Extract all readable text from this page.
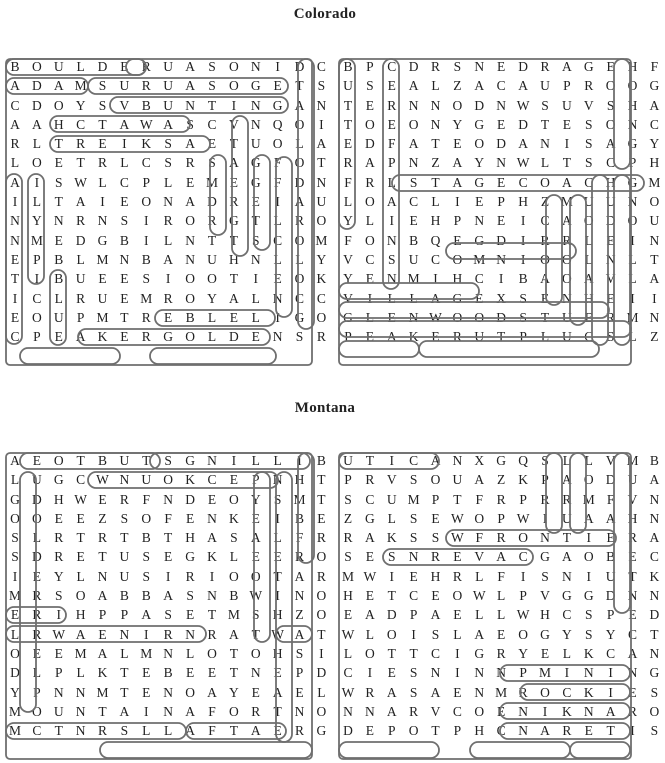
Colorado
B O U L D E R U A S O N	I	D C
A D A M S U R U A S O G E	T	S
C D O Y S V B U N T	I	N G A N
A A H C T A W A S	C V N Q O	I
R L	T R E	I	K S A E	T U O L A
L O E	T R L C	S	R	S A G F O T
A	I	S W L C	P	L	E M E G F D N
I	L	T A	I	E O N A D R E	I	A U
N Y N R N S	I	R O R G T	L R O
N M E D G B	I	L N T	T	S	C O M
E	P	B L M N B A N U H N L	L Y
T	I	B U E	E	S	I	O O T	I	E O K
I	C L R U E M R O Y A L N C C
E O U P M T R E B L	E	L	I	G O
C	P	E A K E R G O L D E N S	R
B	P	C D R	S N E D R A G E H F
U S	E A L	Z A C A U P	R O O G
T	E R N N O D N W S U V S H A
T O E O N Y G E D T	E	S O N C
E D F A T	E O D A N	I	S A G Y
R A P N Z A Y N W L	T	S	C	P H
F	R L	S	T A G E C O A C H G M
L O A C L	I	E	P H Z M U U N O
Y L	I	E H P N E	I	C A O D O U
F O N B Q E G D	I	R R L	E	I	N
V C	S U C O M N	I	O O L N L	T
Y E N M	I	H C	I	B A O A V L A
V	I	L	L A G E X S	E N H E	I	I
G L	E N W O O D S	T U E R M N
P	E A K E R U T	P	L U C	S	L	Z
Montana
A E O T B U T	S G N	I	L	L	I	B
L U G C W N U O K C E	P N H T
G D H W E R	F N D E O Y S M T
O O E	E	Z	S O F	E N K E	I	B E
S	L R T R T B T H A S A L	F	R
S D R E	T U S	E G K L	E	E R O
I	E Y L N U S	I	R	I	O O T A R
M R	S O A B B A S N B W I	N O
E R	I	H P	P A S	E	T M S H Z O
L R W A E N	I	R N R A T W A T
O E	E M A L M N L O T O H S	I
D L	P	L K T	E B E	E	T N E	P D
Y P N N M T	E N O A Y E A E	L
M O U N T A	I	N A F O R T N O
M C T N R	S	L	L A F	T A E R G
U T	I	C A N X G Q S	L	L V M B
P	R V S O U A Z K P A O D U A
S	C U M P	T	F	R	P	R R M F V N
Z G L	S	E W O P W I	U A A H N
R A K S	S W F	R O N T	I	E R A
S	E	S N R E V A C G A O B E C
M W I	E H R L	F	I	S N	I	U T K
H E	T C E O W L	P V G G D N N
E A D P A E	L	L W H C	S	P	E D
W L O	I	S	L A E O G Y S Y C T
L O T	T C	I	G R Y E	L K C A N
C	I	E	S N	I	N N P M	I	N	I	N G
W R A S A E N M R O C K	I	E	S
N N A R V C O E N	I	K N A R O
D E	P O T	P H C N A R E	T	I	S
